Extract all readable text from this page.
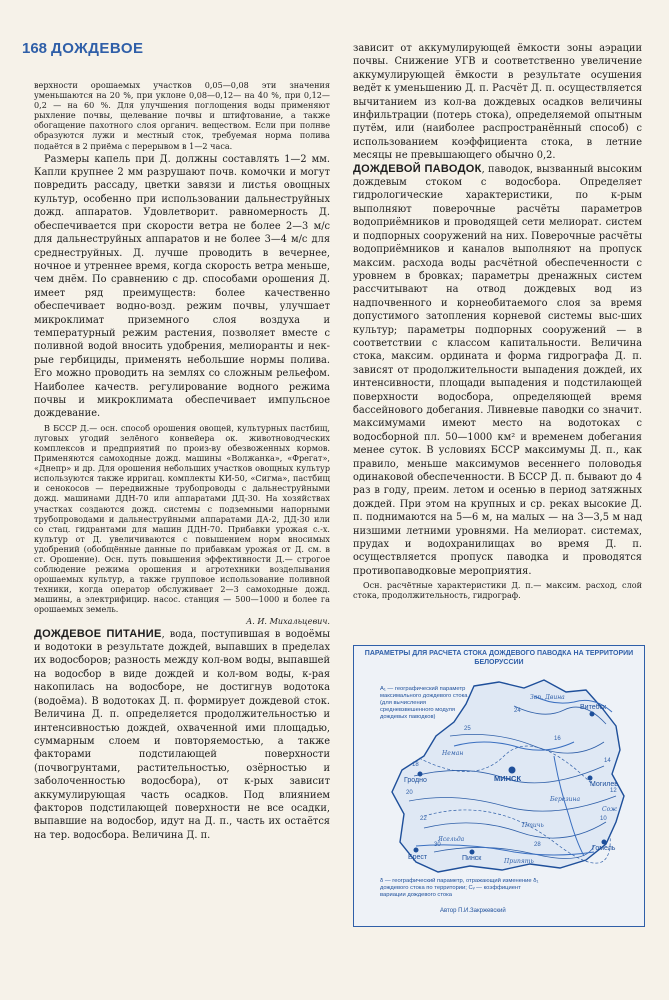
168 ДОЖДЕВОЕ

верхности орошаемых участков 0,05—0,08 эти значения уменьшаются на 20 %, при уклоне 0,08—0,12— на 40 %, при 0,12—0,2 — на 60 %. Для улучшения поглощения воды применяют рыхление почвы, щелевание почвы и штифтование, а также обогащение пахотного слоя органич. веществом. Если при полнве образуются лужи и местный сток, требуемая норма полива подаётся в 2 приёма с перерывом в 1—2 часа.

Размеры капель при Д. должны составлять 1—2 мм. Капли крупнее 2 мм разрушают почв. комочки и могут повредить рассаду, цветки завязи и листья овощных культур, особенно при использовании дальнеструйных дожд. аппаратов. Удовлетворит. равномерность Д. обеспечивается при скорости ветра не более 2—3 м/с для дальнеструйных аппаратов и не более 3—4 м/с для среднеструйных. Д. лучше проводить в вечернее, ночное и утреннее время, когда скорость ветра меньше, чем днём. По сравнению с др. способами орошения Д. имеет ряд преимуществ: более качественно обеспечивает водно-возд. режим почвы, улучшает микроклимат приземного слоя воздуха и температурный режим растения, позволяет вместе с поливной водой вносить удобрения, мелиоранты и нек-рые гербициды, применять небольшие нормы полива. Его можно проводить на землях со сложным рельефом. Наиболее качеств. регулирование водного режима почвы и микроклимата обеспечивает импульсное дождевание.

В БССР Д.— осн. способ орошения овощей, культурных пастбищ, луговых угодий зелёного конвейера ок. животноводческих комплексов и предприятий по произ-ву обезвоженных кормов. Применяются самоходные дожд. машины «Волжанка», «Фрегат», «Днепр» и др. Для орошения небольших участков овощных культур используются также ирригац. комплекты КИ-50, «Сигма», пастбищ и сенокосов — передвижные трубопроводы с дальнеструйными дожд. машинами ДДН-70 или аппаратами ДД-30. На хозяйствах участках создаются дожд. системы с подземными напорными трубопроводами и дальнеструйными аппаратами ДА-2, ДД-30 или со стац. гидрантами для машин ДДН-70. Прибавки урожая с.-х. культур от Д. увеличиваются с повышением норм вносимых удобрений (обобщённые данные по прибавкам урожая от Д. см. в ст. Орошение). Осн. путь повышения эффективности Д.— строгое соблюдение режима орошения и агротехники возделывания орошаемых культур, а также групповое использование поливной техники, когда оператор обслуживает 2—3 самоходные дожд. машины, а электрифицир. насос. станция — 500—1000 и более га орошаемых земель.

А. И. Михальцевич.

ДОЖДЕВОЕ ПИТАНИЕ, вода, поступившая в водоёмы и водотоки в результате дождей, выпавших в пределах их водосборов; разность между кол-вом воды, выпавшей на водосбор в виде дождей и кол-вом воды, к-рая накопилась на водосборе, не достигнув водотока (водоёма). В водотоках Д. п. формирует дождевой сток. Величина Д. п. определяется продолжительностью и интенсивностью дождей, охваченной ими площадью, суммарным слоем и повторяемостью, а также факторами подстилающей поверхности (почвогрунтами, растительностью, озёрностью и заболоченностью водосбора), от к-рых зависит аккумулирующая часть осадков. Под влиянием факторов подстилающей поверхности не все осадки, выпавшие на водосбор, идут на Д. п., часть их остаётся на тер. водосбора. Величина Д. п.

зависит от аккумулирующей ёмкости зоны аэрации почвы. Снижение УГВ и соответственно увеличение аккумулирующей ёмкости в результате осушения ведёт к уменьшению Д. п. Расчёт Д. п. осуществляется вычитанием из кол-ва дождевых осадков величины инфильтрации (потерь стока), определяемой опытным путём, или (наиболее распространённый способ) с использованием коэффициента стока, в летние месяцы не превышающего обычно 0,2.

ДОЖДЕВОЙ ПАВОДОК, паводок, вызванный высоким дождевым стоком с водосбора. Определяет гидрологические характеристики, по к-рым выполняют поверочные расчёты параметров водоприёмников и проводящей сети мелиорат. систем и подпорных сооружений на них. Поверочные расчёты водоприёмников и каналов выполняют на пропуск максим. расхода воды расчётной обеспеченности с уровнем в бровках; параметры дренажных систем рассчитывают на отвод дождевых вод из надпочвенного и корнеобитаемого слоя за время допустимого затопления корневой системы выс-ших культур; параметры подпорных сооружений — в соответствии с классом капитальности. Величина стока, максим. ордината и форма гидрографа Д. п. зависят от продолжительности выпадения дождей, их интенсивности, площади выпадения и подстилающей поверхности водосбора, определяющей время бассейнового добегания. Ливневые паводки со значит. максимумами имеют место на водотоках с водосборной пл. 50—1000 км² и временем добегания менее суток. В условиях БССР максимумы Д. п., как правило, меньше максимумов весеннего половодья одинаковой обеспеченности. В БССР Д. п. бывают до 4 раз в году, преим. летом и осенью в период затяжных дождей. При этом на крупных и ср. реках высокие Д. п. поднимаются на 5—6 м, на малых — на 3—3,5 м над низшими летними уровнями. На мелиорат. системах, прудах и водохранилищах во время Д. п. осуществляется пропуск паводка и проводятся противопаводковые мероприятия.

Осн. расчётные характеристики Д. п.— максим. расход, слой стока, продолжительность, гидрограф.

ПАРАМЕТРЫ ДЛЯ РАСЧЕТА СТОКА ДОЖДЕВОГО ПАВОДКА НА ТЕРРИТОРИИ БЕЛОРУССИИ
A₁ — географический параметр максимального дождевого стока (для вычисления средневзвешенного модуля дождевых паводков)
δ — географический параметр, отражающий изменение δ₁ дождевого стока по территории; Cᵥ — коэффициент вариации дождевого стока
Автор П.И.Закржевский
Витебск
МИНСК
Гродно
Могилев
Брест
Гомель
Пинск
Неман
Березина
Сож
Припять
Зап. Двина
Ясельда
Птичь
18
20
22
25
16
14
12
10
30	28
24
